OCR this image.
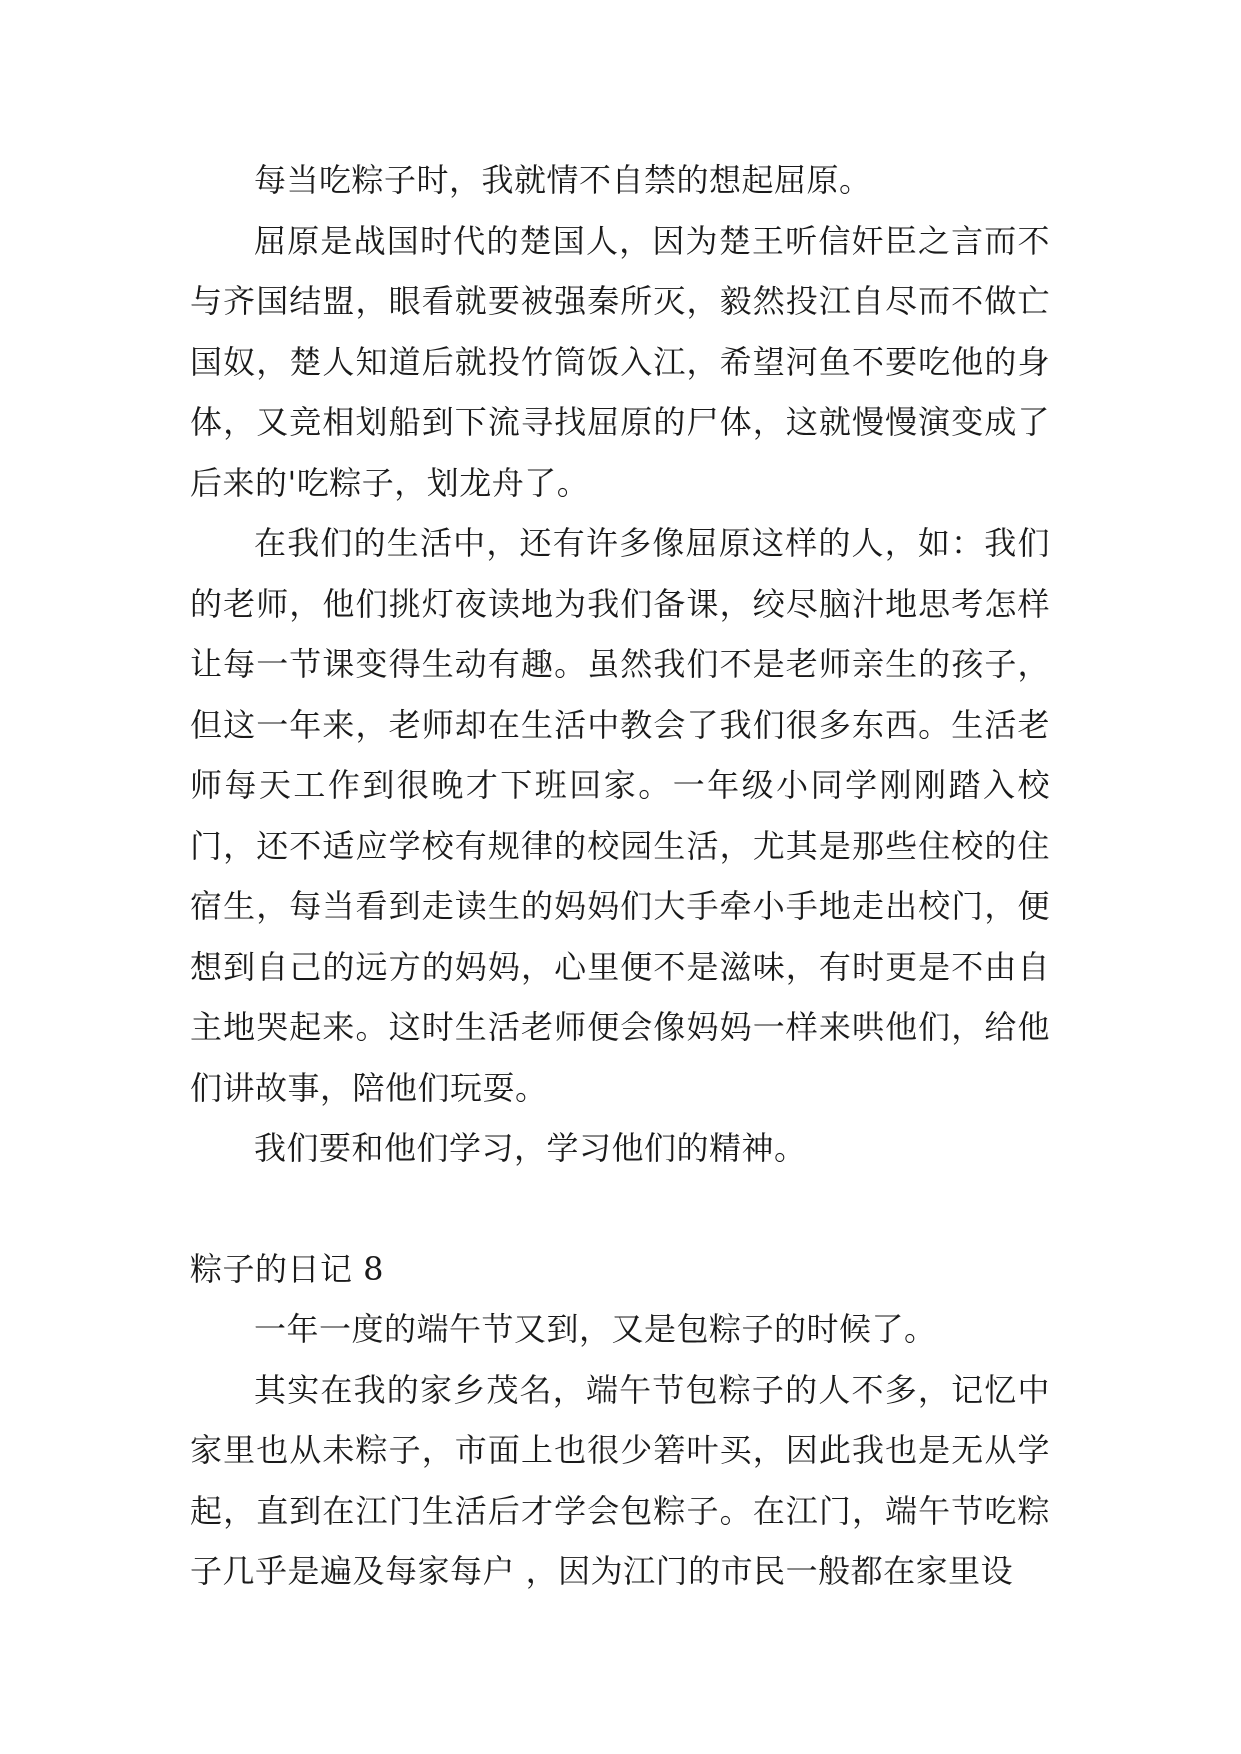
每当吃粽子时，我就情不自禁的想起屈原。

屈原是战国时代的楚国人，因为楚王听信奸臣之言而不与齐国结盟，眼看就要被强秦所灭，毅然投江自尽而不做亡国奴，楚人知道后就投竹筒饭入江，希望河鱼不要吃他的身体，又竞相划船到下流寻找屈原的尸体，这就慢慢演变成了后来的'吃粽子，划龙舟了。

在我们的生活中，还有许多像屈原这样的人，如：我们的老师，他们挑灯夜读地为我们备课，绞尽脑汁地思考怎样让每一节课变得生动有趣。虽然我们不是老师亲生的孩子，但这一年来，老师却在生活中教会了我们很多东西。生活老师每天工作到很晚才下班回家。一年级小同学刚刚踏入校门，还不适应学校有规律的校园生活，尤其是那些住校的住宿生，每当看到走读生的妈妈们大手牵小手地走出校门，便想到自己的远方的妈妈，心里便不是滋味，有时更是不由自主地哭起来。这时生活老师便会像妈妈一样来哄他们，给他们讲故事，陪他们玩耍。

我们要和他们学习，学习他们的精神。

粽子的日记 8

一年一度的端午节又到，又是包粽子的时候了。

其实在我的家乡茂名，端午节包粽子的人不多，记忆中家里也从未粽子，市面上也很少箬叶买，因此我也是无从学起，直到在江门生活后才学会包粽子。在江门，端午节吃粽子几乎是遍及每家每户 ，因为江门的市民一般都在家里设
